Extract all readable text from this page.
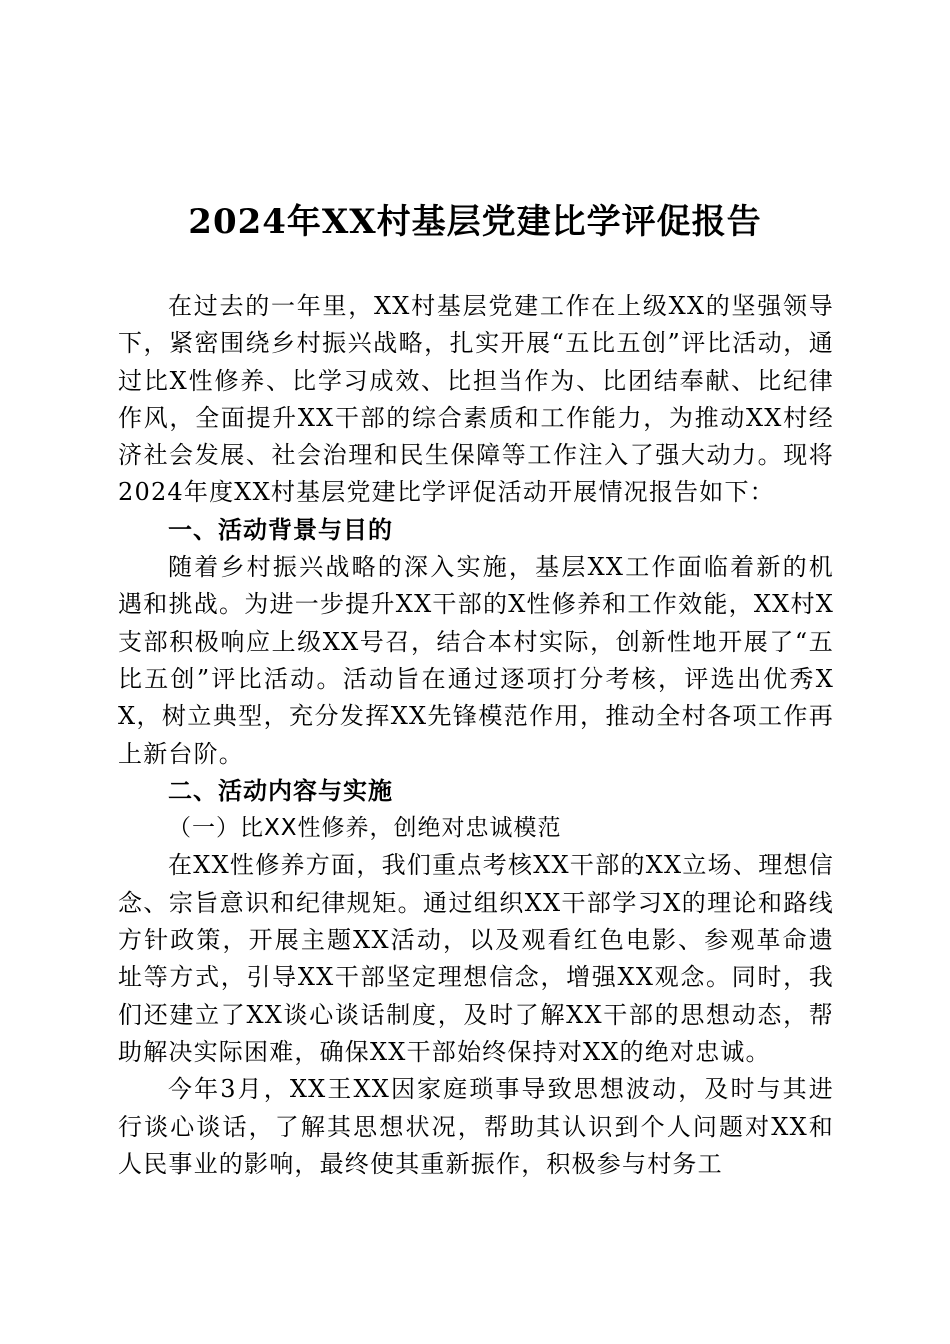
2024年XX村基层党建比学评促报告

在过去的一年里，XX村基层党建工作在上级XX的坚强领导下，紧密围绕乡村振兴战略，扎实开展“五比五创”评比活动，通过比X性修养、比学习成效、比担当作为、比团结奉献、比纪律作风，全面提升XX干部的综合素质和工作能力，为推动XX村经济社会发展、社会治理和民生保障等工作注入了强大动力。现将2024年度XX村基层党建比学评促活动开展情况报告如下：

一、活动背景与目的

随着乡村振兴战略的深入实施，基层XX工作面临着新的机遇和挑战。为进一步提升XX干部的X性修养和工作效能，XX村X支部积极响应上级XX号召，结合本村实际，创新性地开展了“五比五创”评比活动。活动旨在通过逐项打分考核，评选出优秀XX，树立典型，充分发挥XX先锋模范作用，推动全村各项工作再上新台阶。

二、活动内容与实施

（一）比XX性修养，创绝对忠诚模范

在XX性修养方面，我们重点考核XX干部的XX立场、理想信念、宗旨意识和纪律规矩。通过组织XX干部学习X的理论和路线方针政策，开展主题XX活动，以及观看红色电影、参观革命遗址等方式，引导XX干部坚定理想信念，增强XX观念。同时，我们还建立了XX谈心谈话制度，及时了解XX干部的思想动态，帮助解决实际困难，确保XX干部始终保持对XX的绝对忠诚。

今年3月，XX王XX因家庭琐事导致思想波动，及时与其进行谈心谈话，了解其思想状况，帮助其认识到个人问题对XX和人民事业的影响，最终使其重新振作，积极参与村务工
